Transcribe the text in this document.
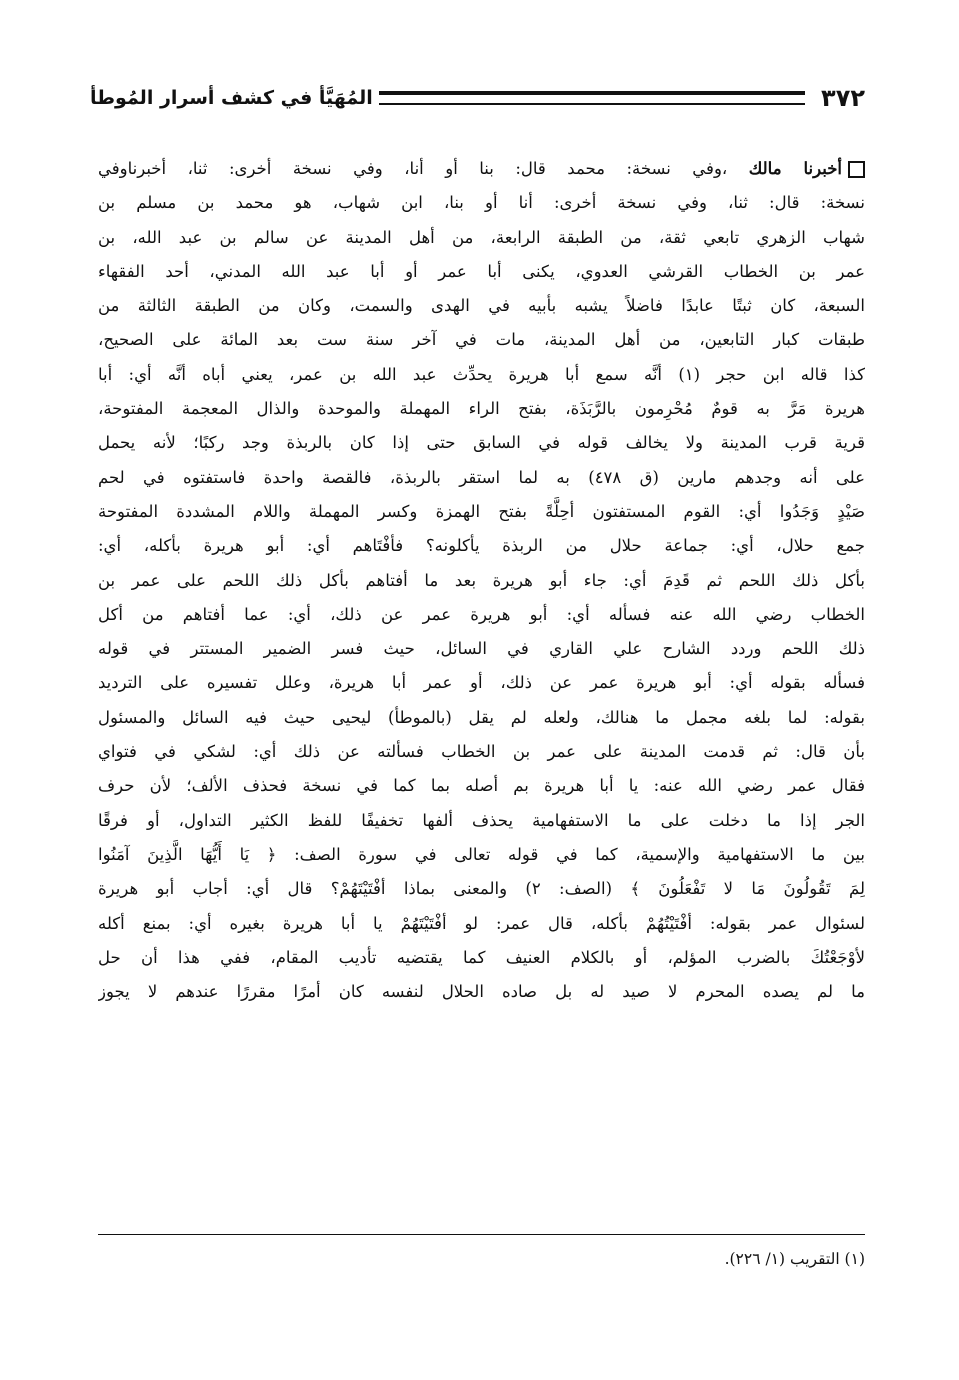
٣٧٢
المُهَيَّأ في كشف أسرار المُوطأ
أخبرنا مالك ،وفي نسخة: محمد قال: بنا أو أنا، وفي نسخة أخرى: ثنا، أخبرناوفي
نسخة: قال: ثنا، وفي نسخة أخرى: أنا أو بنا، ابن شهاب، هو محمد بن مسلم بن
شهاب الزهري تابعي ثقة، من الطبقة الرابعة، من أهل المدينة عن سالم بن عبد الله، بن
عمر بن الخطاب القرشي العدوي، يكنى أبا عمر أو أبا عبد الله المدني، أحد الفقهاء
السبعة، كان ثبتًا عابدًا فاضلاً يشبه بأبيه في الهدى والسمت، وكان من الطبقة الثالثة من
طبقات كبار التابعين، من أهل المدينة، مات في آخر سنة ست بعد المائة على الصحيح،
كذا قاله ابن حجر (١) أنَّه سمع أبا هريرة يحدِّث عبد الله بن عمر، يعني أباه أنَّه أي: أبا
هريرة مَرَّ به قومٌ مُحْرِمون بالرَّبَذَة، بفتح الراء المهملة والموحدة والذال المعجمة المفتوحة،
قرية قرب المدينة ولا يخالف قوله في السابق حتى إذا كان بالربذة وجد ركبًا؛ لأنه يحمل
على أنه وجدهم مارين (ق ٤٧٨) به لما استقر بالربذة، فالقصة واحدة فاستفتوه في لحم
صَيْدٍ وَجَدُوا أي: القوم المستفتون أحِلَّةً بفتح الهمزة وكسر المهملة واللام المشددة المفتوحة
جمع حلال، أي: جماعة حلال من الربذة يأكلونه؟ فأفْتَاهم أي: أبو هريرة بأكله، أي:
بأكل ذلك اللحم ثم قَدِمَ أي: جاء أبو هريرة بعد ما أفتاهم بأكل ذلك اللحم على عمر بن
الخطاب رضي الله عنه فسأله أي: أبو هريرة عمر عن ذلك، أي: عما أفتاهم من أكل
ذلك اللحم وردد الشارح علي القاري في السائل، حيث فسر الضمير المستتر في قوله
فسأله بقوله أي: أبو هريرة عمر عن ذلك، أو عمر أبا هريرة، وعلل تفسيره على الترديد
بقوله: لما بلغه مجمل ما هنالك، ولعله لم يقل (بالموطأ) ليحيى حيث فيه السائل والمسئول
بأن قال: ثم قدمت المدينة على عمر بن الخطاب فسألته عن ذلك أي: لشكي في فتواي
فقال عمر رضي الله عنه: يا أبا هريرة بم أصله بما كما في نسخة فحذف الألف؛ لأن حرف
الجر إذا ما دخلت على ما الاستفهامية يحذف ألفها تخفيفًا للفظ الكثير التداول، أو فرقًا
بين ما الاستفهامية والإسمية، كما في قوله تعالى في سورة الصف: ﴿ يَا أَيُّهَا الَّذِينَ آمَنُوا
لِمَ تَقُولُونَ مَا لا تَفْعَلُونَ ﴾ (الصف: ٢) والمعنى بماذا أفْتَيْتَهُمْ؟ قال أي: أجاب أبو هريرة
لسئوال عمر بقوله: أفْتَيْتُهُمْ بأكله، قال عمر: لو أفْتَيْتَهُمْ يا أبا هريرة بغيره أي: بمنع أكله
لأوْجَعْتُكَ بالضرب المؤلم، أو بالكلام العنيف كما يقتضيه تأديب المقام، ففي هذا أن حل
ما لم يصده المحرم لا صيد له بل صاده الحلال لنفسه كان أمرًا مقررًا عندهم لا يجوز
(١) التقريب (١/ ٢٢٦).
